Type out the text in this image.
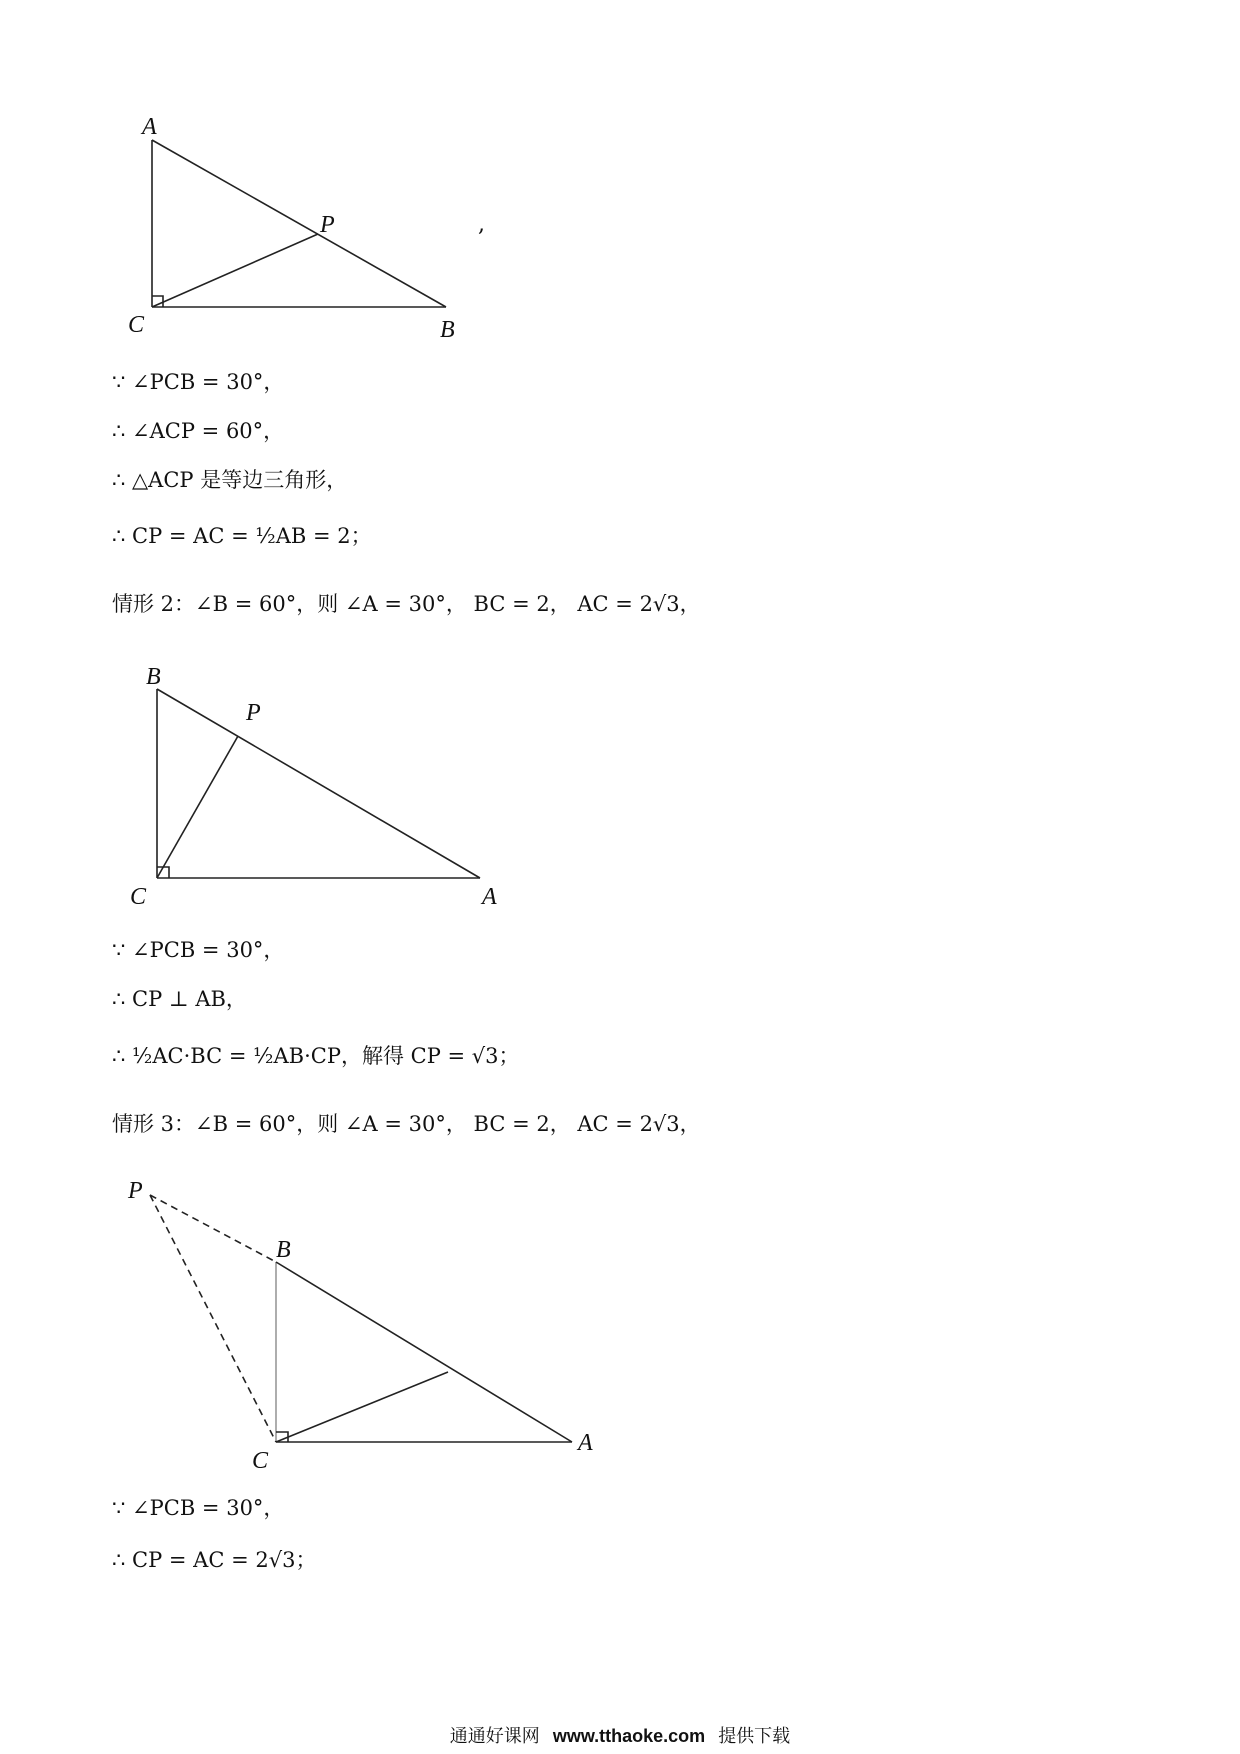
A
P
C	B
,
∵ ∠PCB = 30°，
∴ ∠ACP = 60°，
∴ △ACP 是等边三角形，
∴ CP = AC = ½AB = 2；
情形 2：∠B = 60°，则 ∠A = 30°， BC = 2， AC = 2√3，
B
P
C	A
∵ ∠PCB = 30°，
∴ CP ⊥ AB，
∴ ½AC·BC = ½AB·CP，解得 CP = √3；
情形 3：∠B = 60°，则 ∠A = 30°， BC = 2， AC = 2√3，
P
B
C
A
∵ ∠PCB = 30°，
∴ CP = AC = 2√3；
通通好课网 www.tthaoke.com 提供下载
